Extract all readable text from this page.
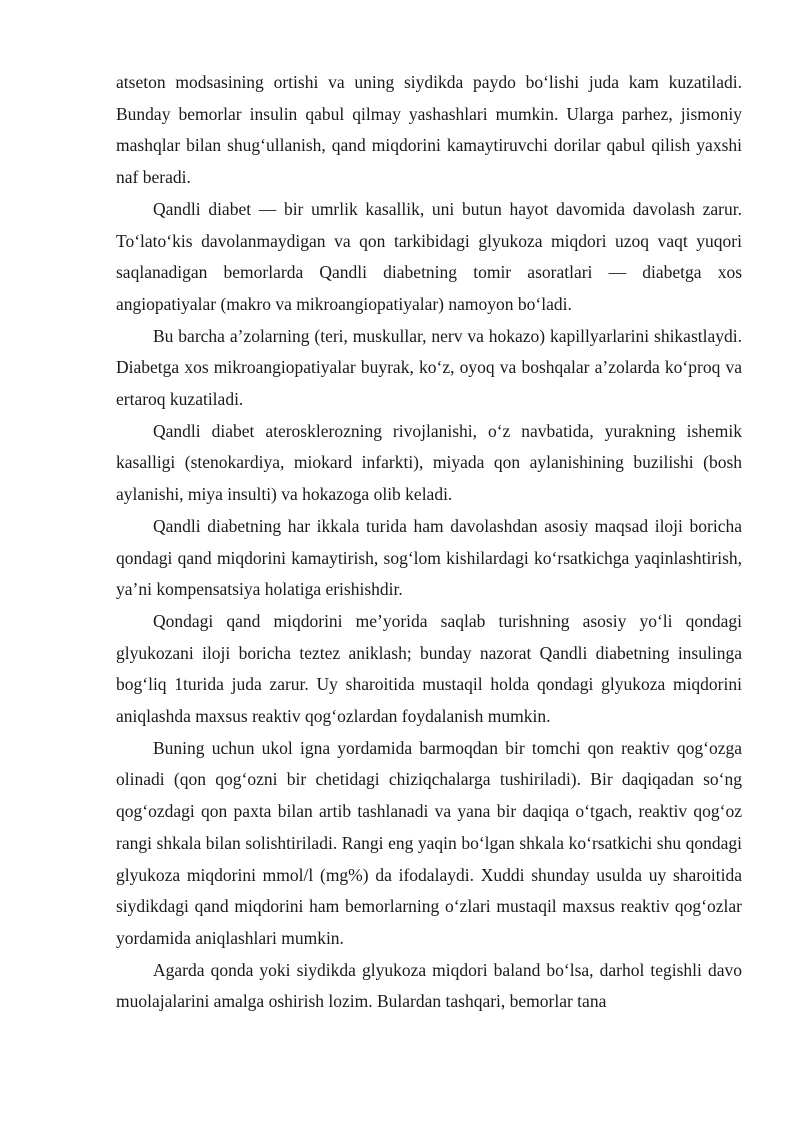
atseton modsasining ortishi va uning siydikda paydo bo‘lishi juda kam kuzatiladi. Bunday bemorlar insulin qabul qilmay yashashlari mumkin. Ularga parhez, jismoniy mashqlar bilan shug‘ullanish, qand miqdorini kamaytiruvchi dorilar qabul qilish yaxshi naf beradi.

Qandli diabet — bir umrlik kasallik, uni butun hayot davomida davolash zarur. To‘lato‘kis davolanmaydigan va qon tarkibidagi glyukoza miqdori uzoq vaqt yuqori saqlanadigan bemorlarda Qandli diabetning tomir asoratlari — diabetga xos angiopatiyalar (makro va mikroangiopatiyalar) namoyon bo‘ladi.

Bu barcha a’zolarning (teri, muskullar, nerv va hokazo) kapillyarlarini shikastlaydi. Diabetga xos mikroangiopatiyalar buyrak, ko‘z, oyoq va boshqalar a’zolarda ko‘proq va ertaroq kuzatiladi.

Qandli diabet aterosklerozning rivojlanishi, o‘z navbatida, yurakning ishemik kasalligi (stenokardiya, miokard infarkti), miyada qon aylanishining buzilishi (bosh aylanishi, miya insulti) va hokazoga olib keladi.

Qandli diabetning har ikkala turida ham davolashdan asosiy maqsad iloji boricha qondagi qand miqdorini kamaytirish, sog‘lom kishilardagi ko‘rsatkichga yaqinlashtirish, ya’ni kompensatsiya holatiga erishishdir.

Qondagi qand miqdorini me’yorida saqlab turishning asosiy yo‘li qondagi glyukozani iloji boricha teztez aniklash; bunday nazorat Qandli diabetning insulinga bog‘liq 1turida juda zarur. Uy sharoitida mustaqil holda qondagi glyukoza miqdorini aniqlashda maxsus reaktiv qog‘ozlardan foydalanish mumkin.

Buning uchun ukol igna yordamida barmoqdan bir tomchi qon reaktiv qog‘ozga olinadi (qon qog‘ozni bir chetidagi chiziqchalarga tushiriladi). Bir daqiqadan so‘ng qog‘ozdagi qon paxta bilan artib tashlanadi va yana bir daqiqa o‘tgach, reaktiv qog‘oz rangi shkala bilan solishtiriladi. Rangi eng yaqin bo‘lgan shkala ko‘rsatkichi shu qondagi glyukoza miqdorini mmol/l (mg%) da ifodalaydi. Xuddi shunday usulda uy sharoitida siydikdagi qand miqdorini ham bemorlarning o‘zlari mustaqil maxsus reaktiv qog‘ozlar yordamida aniqlashlari mumkin.

Agarda qonda yoki siydikda glyukoza miqdori baland bo‘lsa, darhol tegishli davo muolajalarini amalga oshirish lozim. Bulardan tashqari, bemorlar tana
